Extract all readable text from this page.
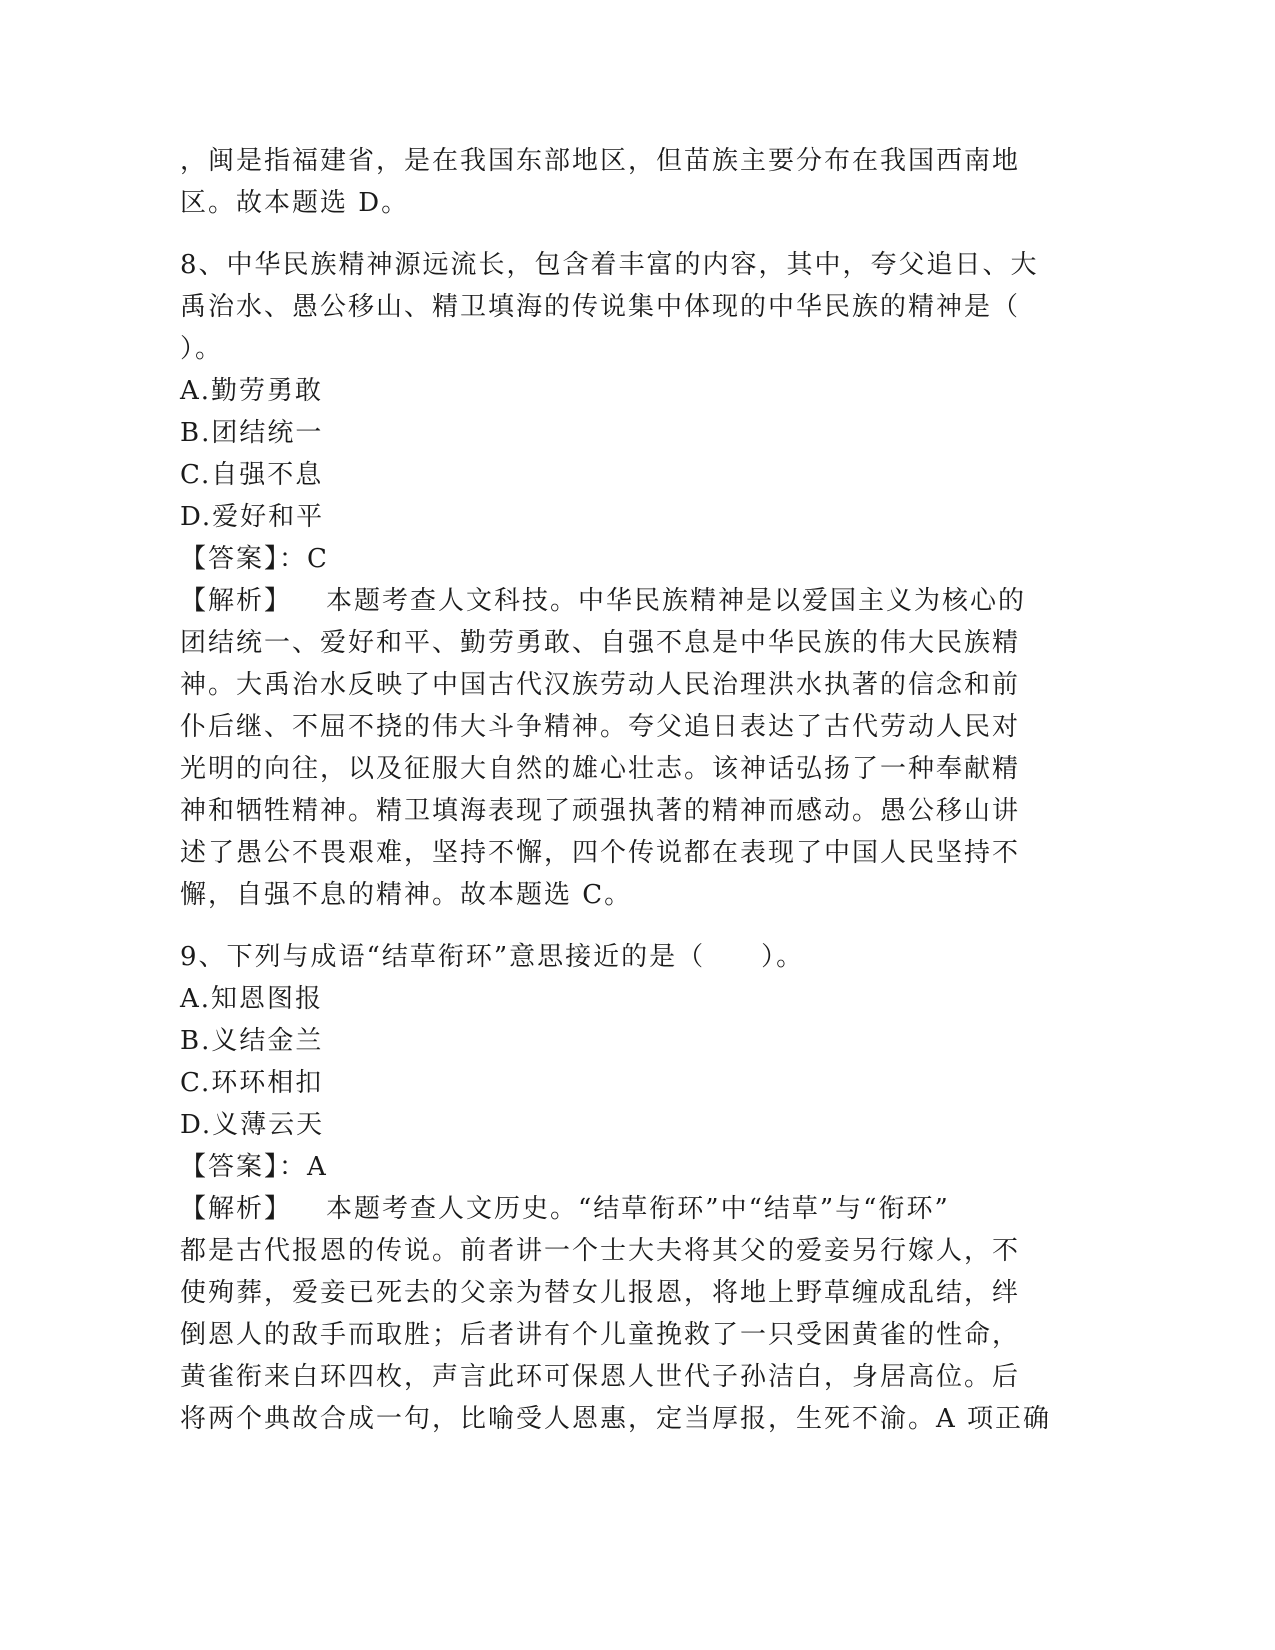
，闽是指福建省，是在我国东部地区，但苗族主要分布在我国西南地
区。故本题选 D。
8、中华民族精神源远流长，包含着丰富的内容，其中，夸父追日、大
禹治水、愚公移山、精卫填海的传说集中体现的中华民族的精神是（
）。
A.勤劳勇敢
B.团结统一
C.自强不息
D.爱好和平
【答案】：C
【解析】 本题考查人文科技。中华民族精神是以爱国主义为核心的
团结统一、爱好和平、勤劳勇敢、自强不息是中华民族的伟大民族精
神。大禹治水反映了中国古代汉族劳动人民治理洪水执著的信念和前
仆后继、不屈不挠的伟大斗争精神。夸父追日表达了古代劳动人民对
光明的向往，以及征服大自然的雄心壮志。该神话弘扬了一种奉献精
神和牺牲精神。精卫填海表现了顽强执著的精神而感动。愚公移山讲
述了愚公不畏艰难，坚持不懈，四个传说都在表现了中国人民坚持不
懈，自强不息的精神。故本题选 C。
9、下列与成语“结草衔环”意思接近的是（　　）。
A.知恩图报
B.义结金兰
C.环环相扣
D.义薄云天
【答案】：A
【解析】 本题考查人文历史。“结草衔环”中“结草”与“衔环”
都是古代报恩的传说。前者讲一个士大夫将其父的爱妾另行嫁人，不
使殉葬，爱妾已死去的父亲为替女儿报恩，将地上野草缠成乱结，绊
倒恩人的敌手而取胜；后者讲有个儿童挽救了一只受困黄雀的性命，
黄雀衔来白环四枚，声言此环可保恩人世代子孙洁白，身居高位。后
将两个典故合成一句，比喻受人恩惠，定当厚报，生死不渝。A 项正确
